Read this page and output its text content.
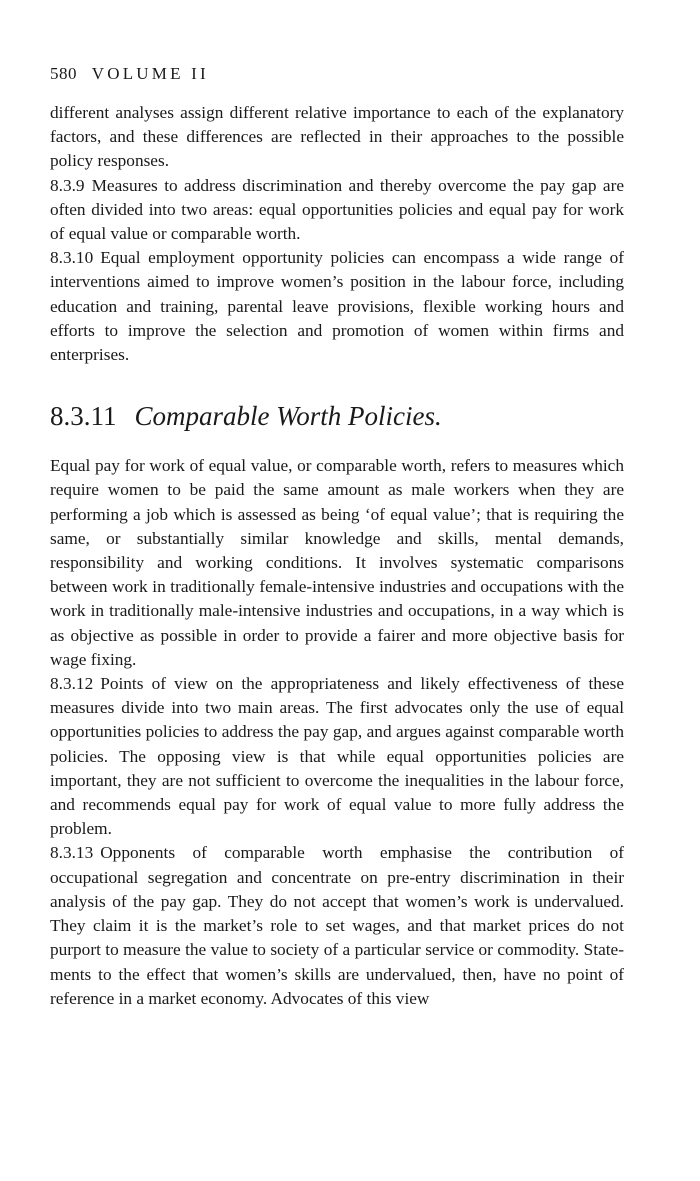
580 VOLUME II

different analyses assign different relative importance to each of the explanatory factors, and these differences are reflected in their approaches to the possible policy responses.

8.3.9 Measures to address discrimination and thereby overcome the pay gap are often divided into two areas: equal opportunities policies and equal pay for work of equal value or comparable worth.

8.3.10 Equal employment opportunity policies can encompass a wide range of interventions aimed to improve women’s position in the labour force, including education and training, parental leave provisions, flexible working hours and efforts to improve the selection and promotion of women within firms and enterprises.

8.3.11 Comparable Worth Policies.

Equal pay for work of equal value, or comparable worth, refers to measures which require women to be paid the same amount as male workers when they are performing a job which is assessed as being ‘of equal value’; that is requiring the same, or substantially similar knowledge and skills, mental demands, responsibility and working conditions. It involves systematic comparisons between work in traditionally female-intensive industries and occupations with the work in traditionally male-intensive industries and occupations, in a way which is as objective as possible in order to provide a fairer and more objective basis for wage fixing.

8.3.12 Points of view on the appropriateness and likely effectiveness of these measures divide into two main areas. The first advocates only the use of equal opportunities policies to address the pay gap, and argues against comparable worth policies. The opposing view is that while equal opportunities policies are important, they are not sufficient to overcome the inequalities in the labour force, and recommends equal pay for work of equal value to more fully address the problem.

8.3.13 Opponents of comparable worth emphasise the contribution of occupational segregation and concentrate on pre-entry discrimination in their analysis of the pay gap. They do not accept that women’s work is undervalued. They claim it is the market’s role to set wages, and that market prices do not purport to measure the value to society of a particular service or commodity. Statements to the effect that women’s skills are undervalued, then, have no point of reference in a market economy. Advocates of this view
